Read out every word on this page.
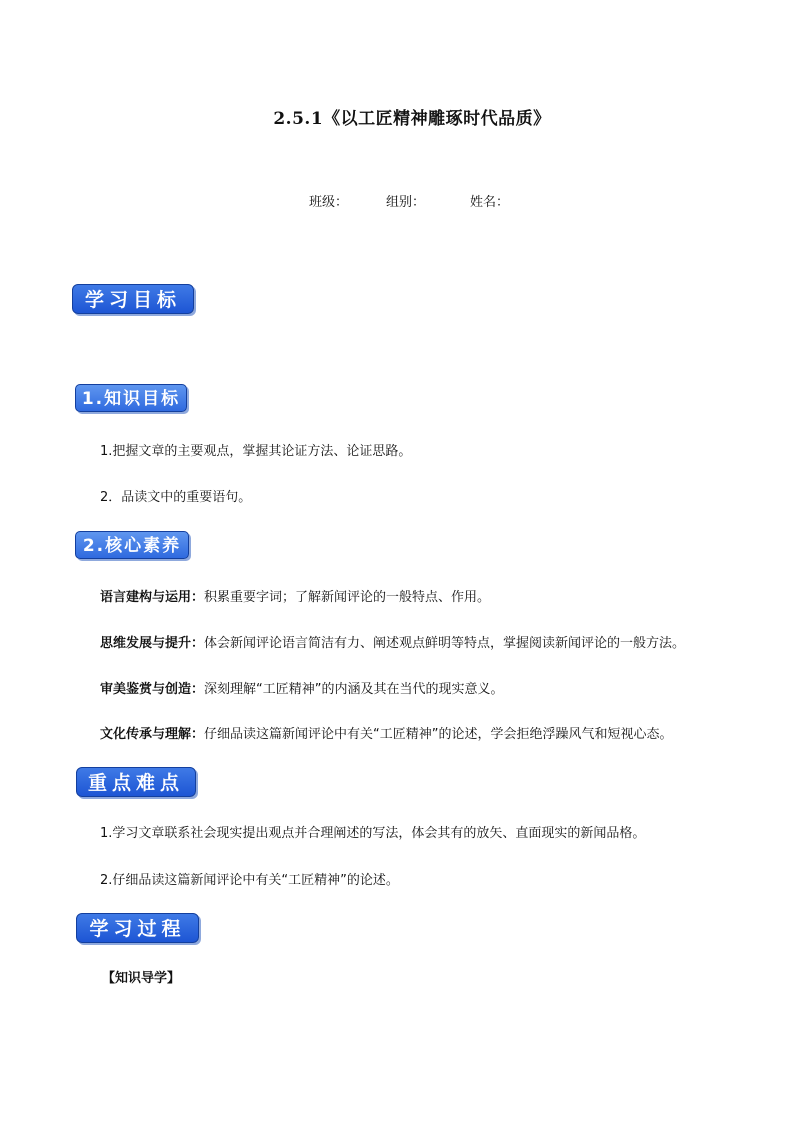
2.5.1《以工匠精神雕琢时代品质》
班级：	组别：	姓名：
学习目标
1.知识目标
1.把握文章的主要观点，掌握其论证方法、论证思路。
2．品读文中的重要语句。
2.核心素养
语言建构与运用：积累重要字词；了解新闻评论的一般特点、作用。
思维发展与提升：体会新闻评论语言简洁有力、阐述观点鲜明等特点，掌握阅读新闻评论的一般方法。
审美鉴赏与创造：深刻理解“工匠精神”的内涵及其在当代的现实意义。
文化传承与理解：仔细品读这篇新闻评论中有关“工匠精神”的论述，学会拒绝浮躁风气和短视心态。
重点难点
1.学习文章联系社会现实提出观点并合理阐述的写法，体会其有的放矢、直面现实的新闻品格。
2.仔细品读这篇新闻评论中有关“工匠精神”的论述。
学习过程
【知识导学】
